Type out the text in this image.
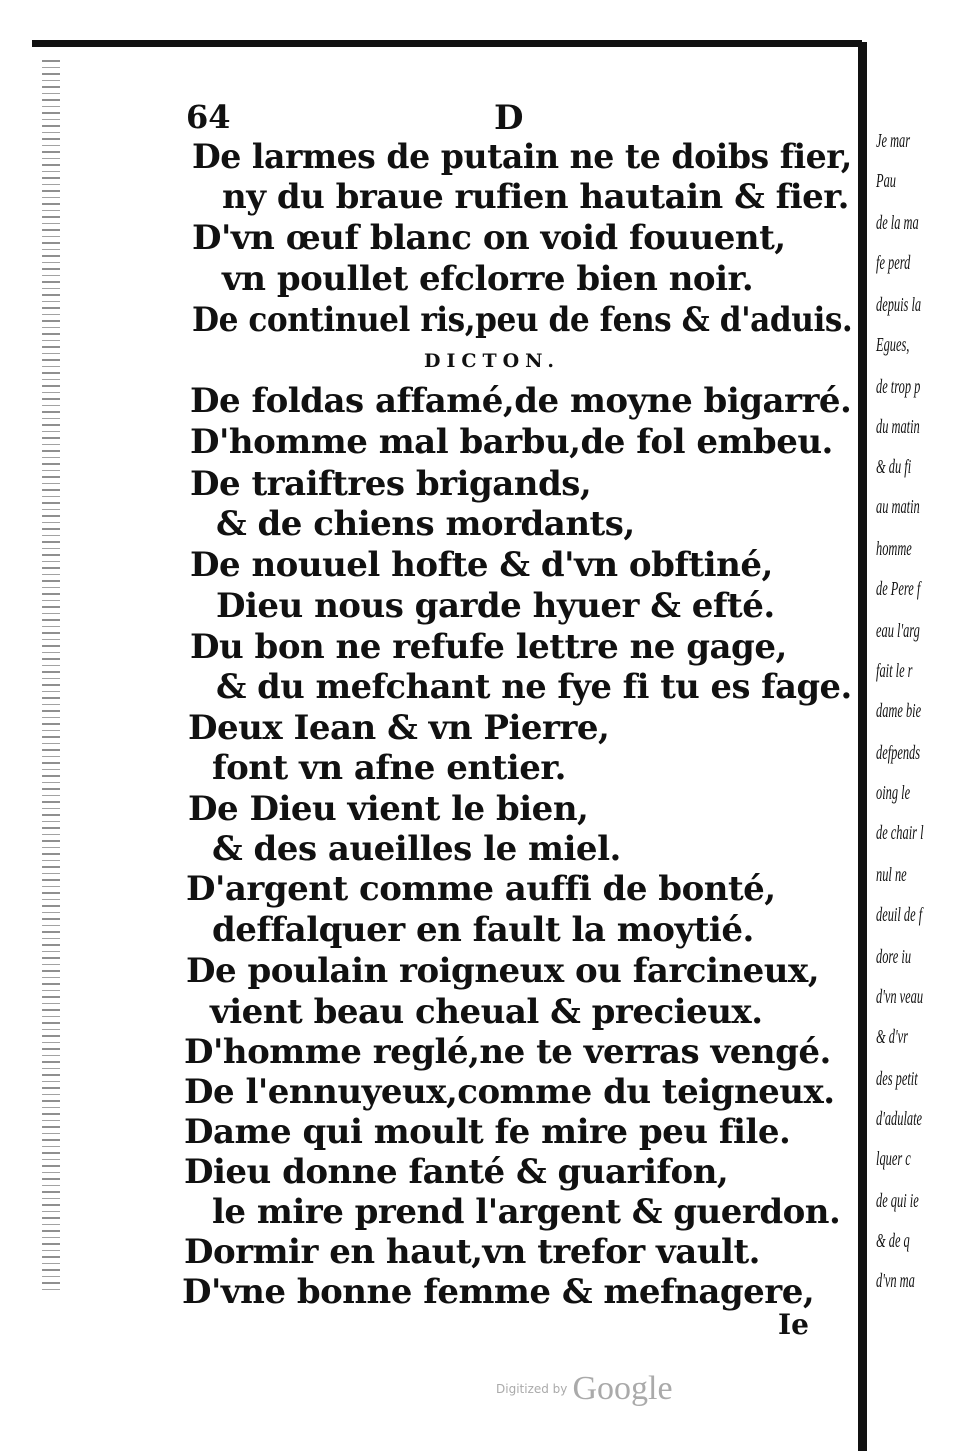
64	D
De larmes de putain ne te doibs fier,
ny du braue rufien hautain & fier.
D'vn œuf blanc on void fouuent,
vn poullet efclorre bien noir.
De continuel ris,peu de fens & d'aduis.
DICTON.
De foldas affamé,de moyne bigarré.
D'homme mal barbu,de fol embeu.
De traiftres brigands,
& de chiens mordants,
De nouuel hofte & d'vn obftiné,
Dieu nous garde hyuer & efté.
Du bon ne refufe lettre ne gage,
& du mefchant ne fye fi tu es fage.
Deux Iean & vn Pierre,
font vn afne entier.
De Dieu vient le bien,
& des aueilles le miel.
D'argent comme auffi de bonté,
deffalquer en fault la moytié.
De poulain roigneux ou farcineux,
vient beau cheual & precieux.
D'homme reglé,ne te verras vengé.
De l'ennuyeux,comme du teigneux.
Dame qui moult fe mire peu file.
Dieu donne fanté & guarifon,
le mire prend l'argent & guerdon.
Dormir en haut,vn trefor vault.
D'vne bonne femme & mefnagere,
Ie
Digitized by Google
Je mar
Pau
de la ma
fe perd
depuis la
Egues,
de trop p
du matin
& du fi
au matin
homme
de Pere f
eau l'arg
fait le r
dame bie
defpends
oing le
de chair l
nul ne
deuil de f
dore iu
d'vn veau
& d'vr
des petit
d'adulate
lquer c
de qui ie
& de q
d'vn ma
